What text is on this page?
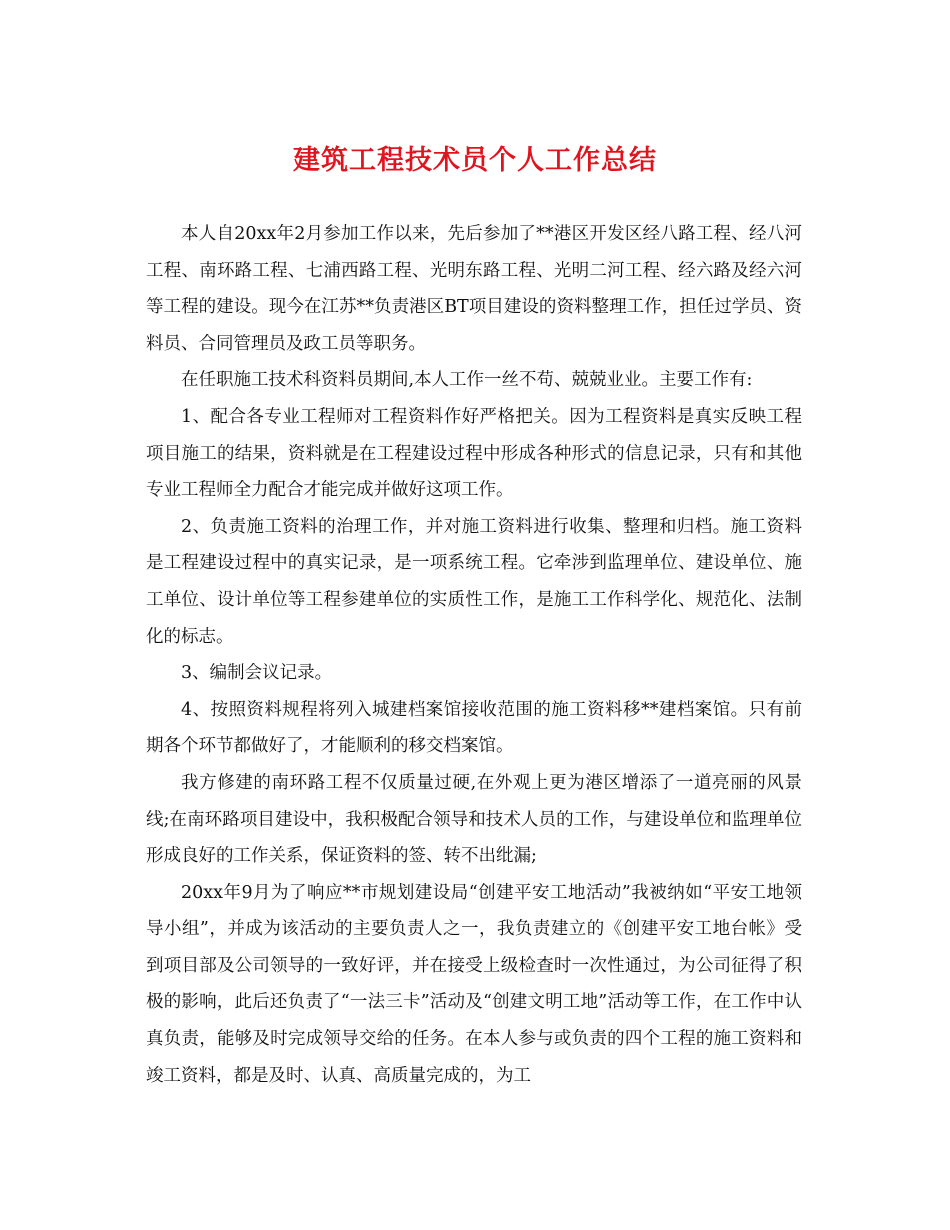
建筑工程技术员个人工作总结

本人自20xx年2月参加工作以来，先后参加了**港区开发区经八路工程、经八河工程、南环路工程、七浦西路工程、光明东路工程、光明二河工程、经六路及经六河等工程的建设。现今在江苏**负责港区BT项目建设的资料整理工作，担任过学员、资料员、合同管理员及政工员等职务。

在任职施工技术科资料员期间,本人工作一丝不苟、兢兢业业。主要工作有:

1、配合各专业工程师对工程资料作好严格把关。因为工程资料是真实反映工程项目施工的结果，资料就是在工程建设过程中形成各种形式的信息记录，只有和其他专业工程师全力配合才能完成并做好这项工作。

2、负责施工资料的治理工作，并对施工资料进行收集、整理和归档。施工资料是工程建设过程中的真实记录，是一项系统工程。它牵涉到监理单位、建设单位、施工单位、设计单位等工程参建单位的实质性工作，是施工工作科学化、规范化、法制化的标志。

3、编制会议记录。

4、按照资料规程将列入城建档案馆接收范围的施工资料移**建档案馆。只有前期各个环节都做好了，才能顺利的移交档案馆。

我方修建的南环路工程不仅质量过硬,在外观上更为港区增添了一道亮丽的风景线;在南环路项目建设中，我积极配合领导和技术人员的工作，与建设单位和监理单位形成良好的工作关系，保证资料的签、转不出纰漏;

20xx年9月为了响应**市规划建设局“创建平安工地活动”我被纳如“平安工地领导小组”，并成为该活动的主要负责人之一，我负责建立的《创建平安工地台帐》受到项目部及公司领导的一致好评，并在接受上级检查时一次性通过，为公司征得了积极的影响，此后还负责了“一法三卡”活动及“创建文明工地”活动等工作，在工作中认真负责，能够及时完成领导交给的任务。在本人参与或负责的四个工程的施工资料和竣工资料，都是及时、认真、高质量完成的，为工
